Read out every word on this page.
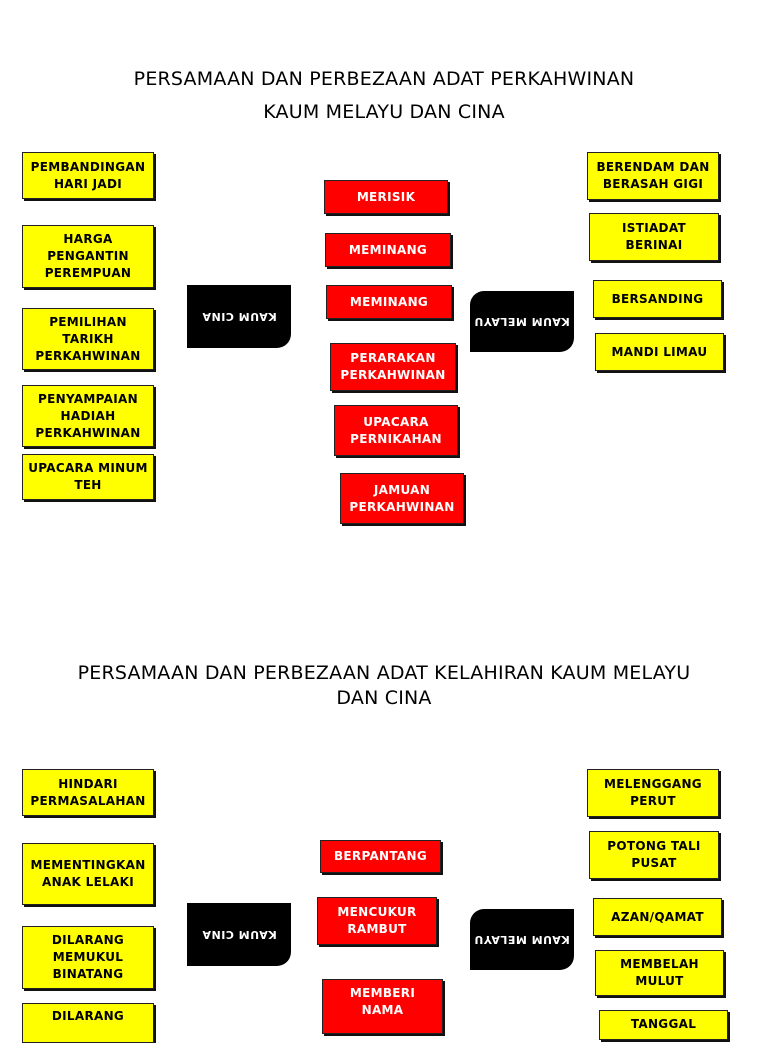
PERSAMAAN DAN PERBEZAAN ADAT PERKAHWINAN
KAUM MELAYU DAN CINA
PEMBANDINGAN HARI JADI
HARGA PENGANTIN PEREMPUAN
PEMILIHAN TARIKH PERKAHWINAN
PENYAMPAIAN HADIAH PERKAHWINAN
UPACARA MINUM TEH
KAUM CINA	KAUM MELAYU
MERISIK
MEMINANG
MEMINANG
PERARAKAN PERKAHWINAN
UPACARA PERNIKAHAN
JAMUAN PERKAHWINAN
BERENDAM DAN BERASAH GIGI
ISTIADAT BERINAI
BERSANDING
MANDI LIMAU
PERSAMAAN DAN PERBEZAAN ADAT KELAHIRAN KAUM MELAYU
DAN CINA
HINDARI PERMASALAHAN
MEMENTINGKAN ANAK LELAKI
DILARANG MEMUKUL BINATANG
DILARANG
KAUM CINA	KAUM MELAYU
BERPANTANG
MENCUKUR RAMBUT
MEMBERI NAMA
MELENGGANG PERUT
POTONG TALI PUSAT
AZAN/QAMAT
MEMBELAH MULUT
TANGGAL
